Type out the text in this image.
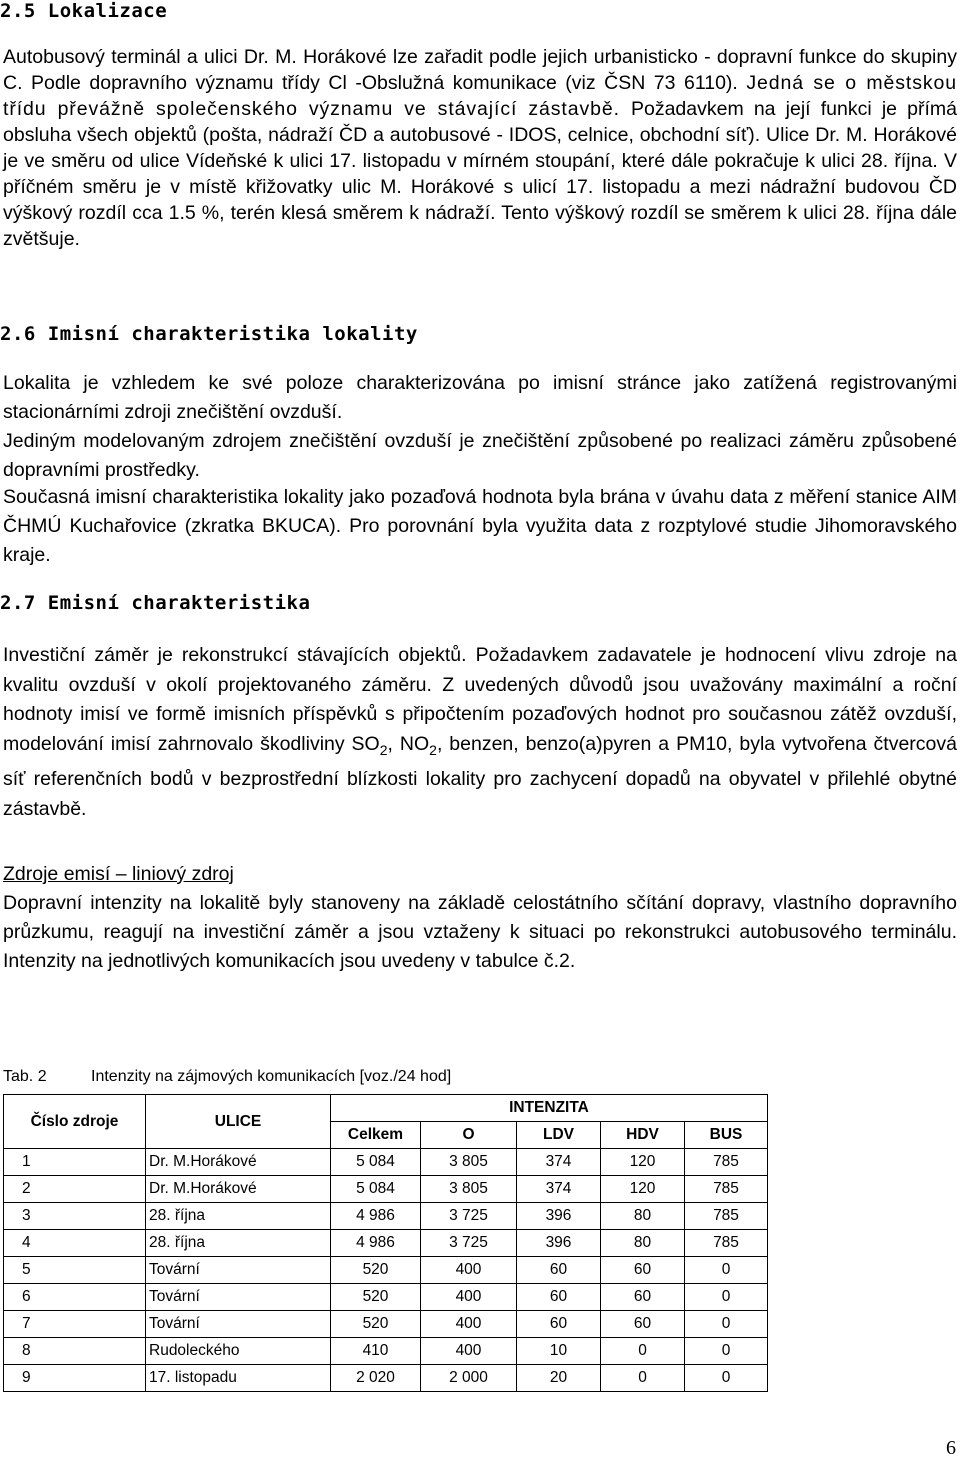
2.5 Lokalizace
Autobusový terminál a ulici Dr. M. Horákové lze zařadit podle jejich urbanisticko - dopravní funkce do skupiny C. Podle dopravního významu třídy Cl -Obslužná komunikace (viz ČSN 73 6110). Jedná se o městskou třídu převážně společenského významu ve stávající zástavbě. Požadavkem na její funkci je přímá obsluha všech objektů (pošta, nádraží ČD a autobusové - IDOS, celnice, obchodní síť). Ulice Dr. M. Horákové je ve směru od ulice Vídeňské k ulici 17. listopadu v mírném stoupání, které dále pokračuje k ulici 28. října. V příčném směru je v místě křižovatky ulic M. Horákové s ulicí 17. listopadu a mezi nádražní budovou ČD výškový rozdíl cca 1.5 %, terén klesá směrem k nádraží. Tento výškový rozdíl se směrem k ulici 28. října dále zvětšuje.
2.6 Imisní charakteristika lokality
Lokalita je vzhledem ke své poloze charakterizována po imisní stránce jako zatížená registrovanými stacionárními zdroji znečištění ovzduší.
Jediným modelovaným zdrojem znečištění ovzduší je znečištění způsobené po realizaci záměru způsobené dopravními prostředky.
Současná imisní charakteristika lokality jako pozaďová hodnota byla brána v úvahu data z měření stanice AIM ČHMÚ Kuchařovice (zkratka BKUCA). Pro porovnání byla využita data z rozptylové studie Jihomoravského kraje.
2.7 Emisní charakteristika
Investiční záměr je rekonstrukcí stávajících objektů. Požadavkem zadavatele je hodnocení vlivu zdroje na kvalitu ovzduší v okolí projektovaného záměru. Z uvedených důvodů jsou uvažovány maximální a roční hodnoty imisí ve formě imisních příspěvků s připočtením pozaďových hodnot pro současnou zátěž ovzduší, modelování imisí zahrnovalo škodliviny $SO_2$, $NO_2$, benzen, benzo(a)pyren a PM10, byla vytvořena čtvercová síť referenčních bodů v bezprostřední blízkosti lokality pro zachycení dopadů na obyvatel v přilehlé obytné zástavbě.
Zdroje emisí – liniový zdroj
Dopravní intenzity na lokalitě byly stanoveny na základě celostátního sčítání dopravy, vlastního dopravního průzkumu, reagují na investiční záměr a jsou vztaženy k situaci po rekonstrukci autobusového terminálu. Intenzity na jednotlivých komunikacích jsou uvedeny v tabulce č.2.
Tab. 2	Intenzity na zájmových komunikacích [voz./24 hod]
Číslo zdroje	ULICE	INTENZITA				
		Celkem	O	LDV	HDV	BUS
1	Dr. M.Horákové	5 084	3 805	374	120	785
2	Dr. M.Horákové	5 084	3 805	374	120	785
3	28. října	4 986	3 725	396	80	785
4	28. října	4 986	3 725	396	80	785
5	Tovární	520	400	60	60	0
6	Tovární	520	400	60	60	0
7	Tovární	520	400	60	60	0
8	Rudoleckého	410	400	10	0	0
9	17. listopadu	2 020	2 000	20	0	0
6
